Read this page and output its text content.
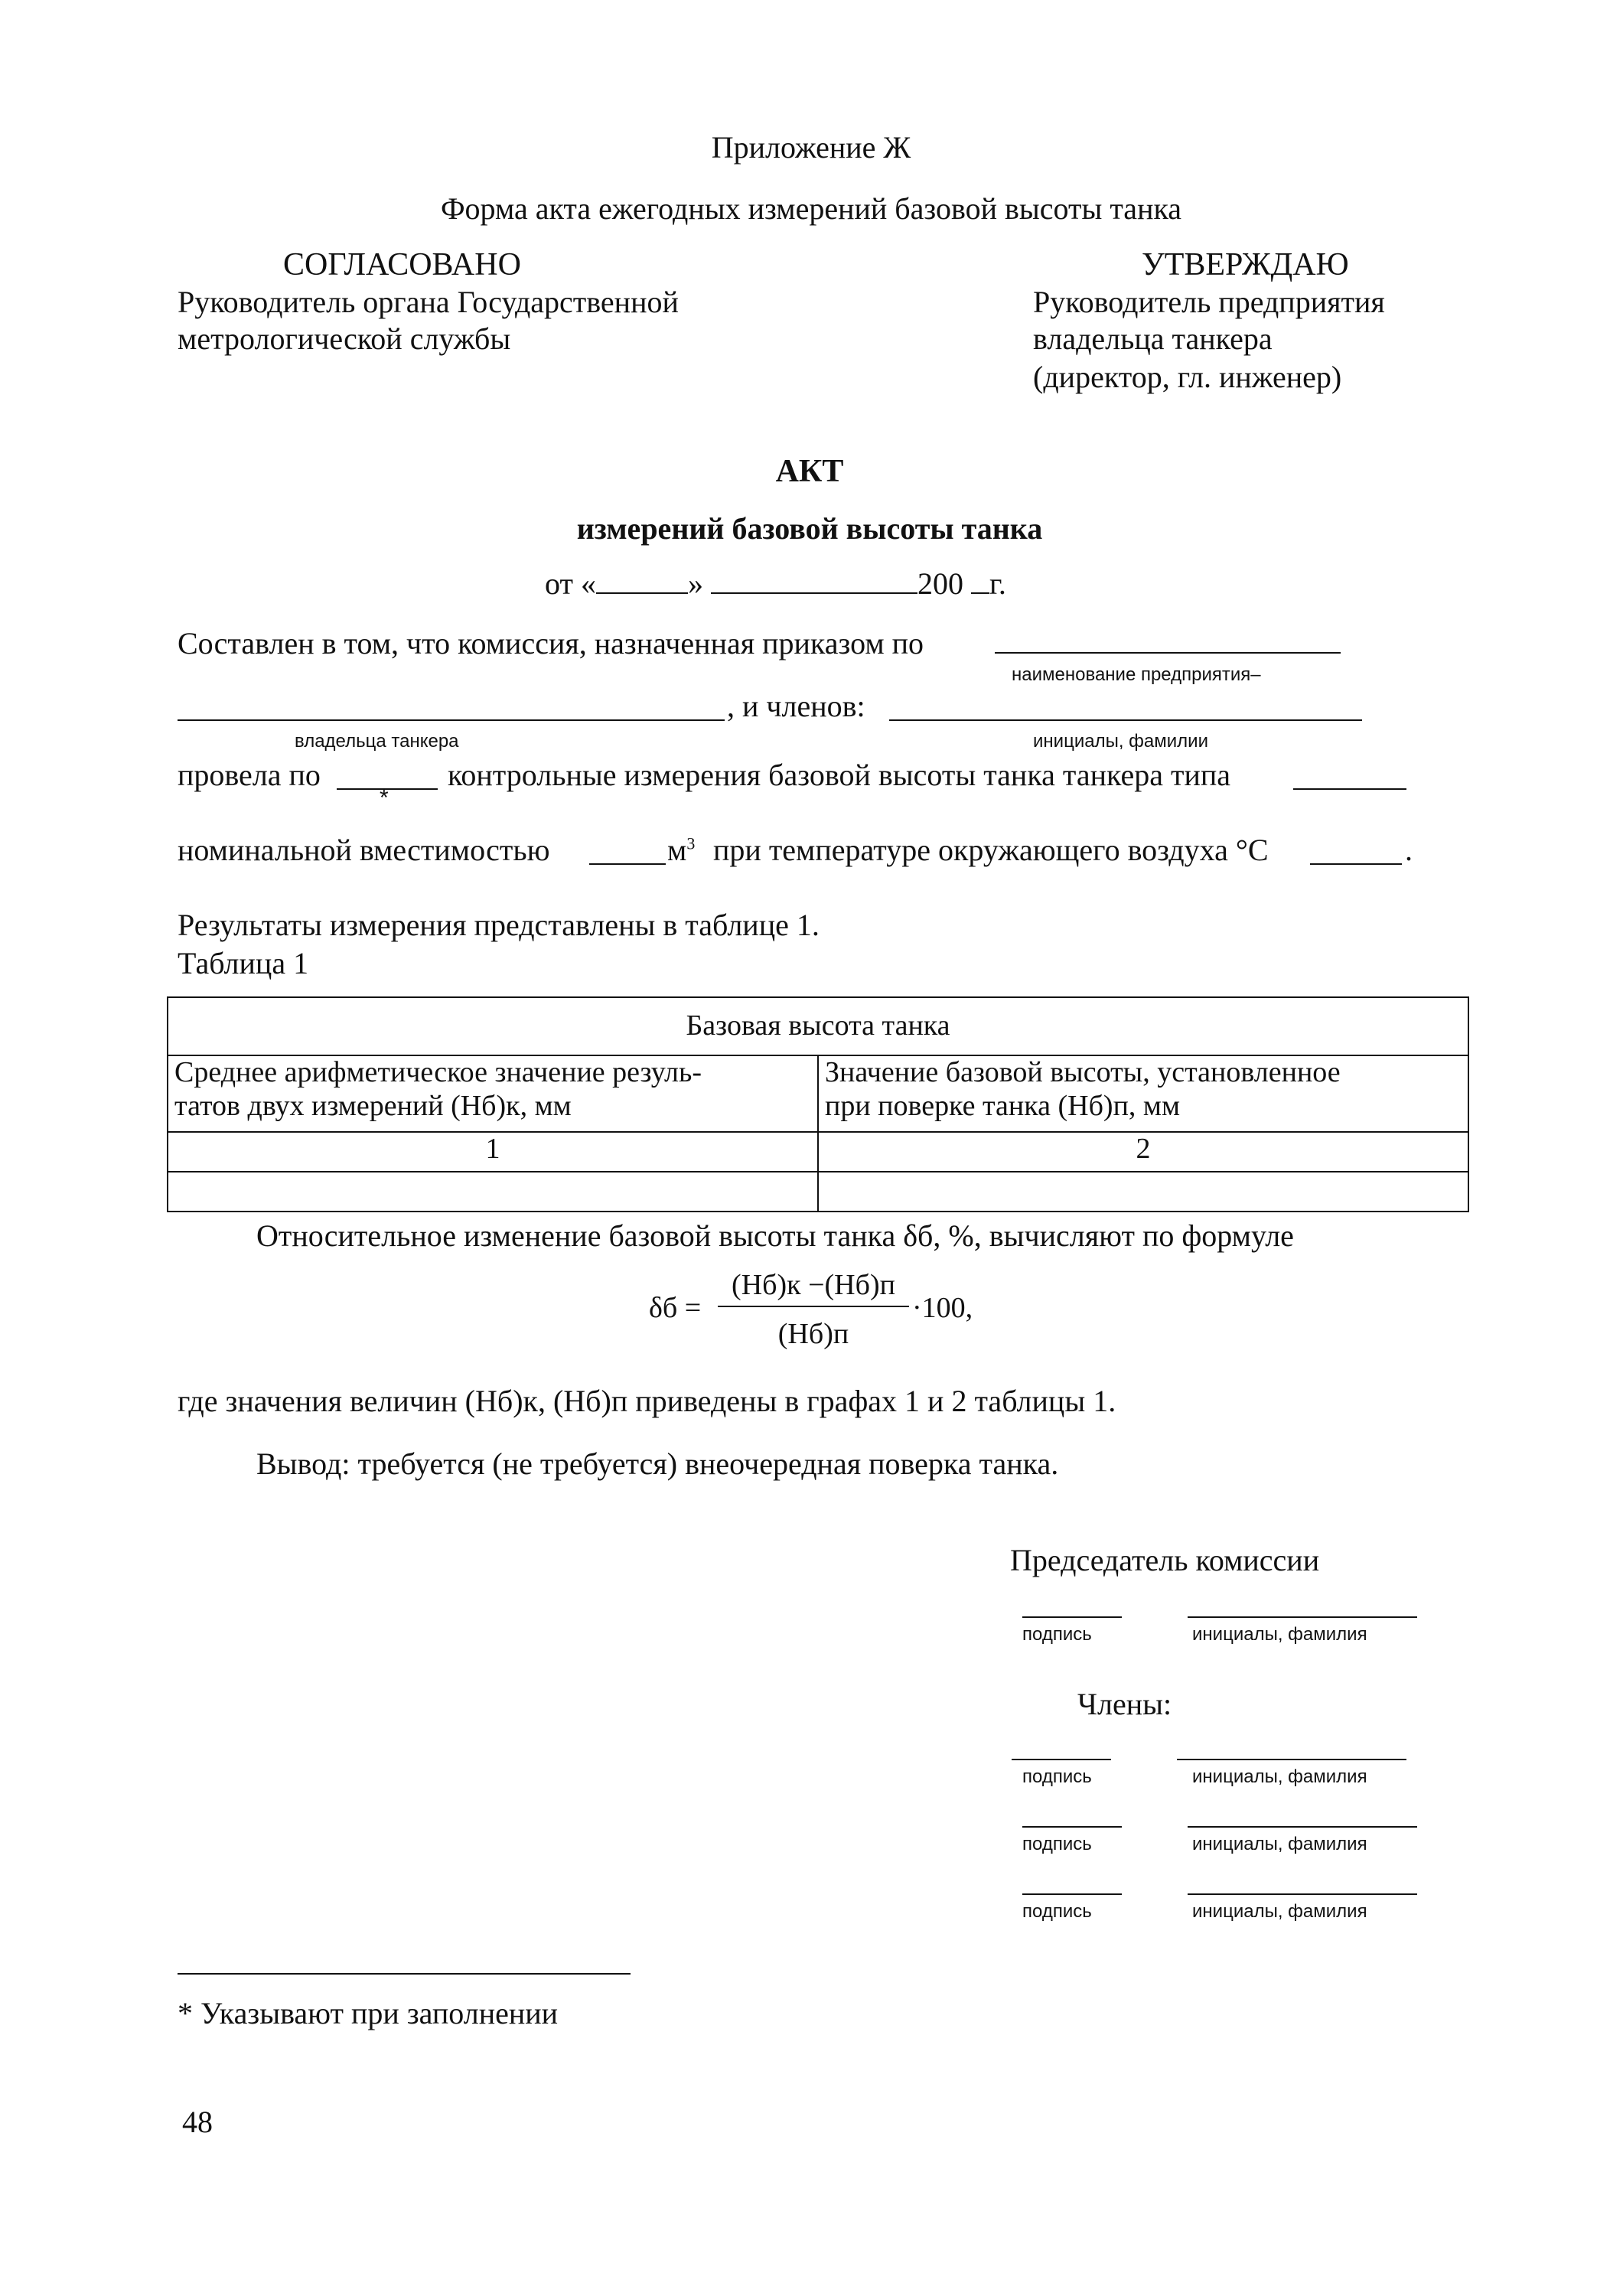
Приложение Ж
Форма акта ежегодных измерений базовой высоты танка
СОГЛАСОВАНО
Руководитель органа Государственной
метрологической службы
УТВЕРЖДАЮ
Руководитель предприятия
владельца танкера
(директор, гл. инженер)
АКТ
измерений базовой высоты танка
от «	»	200 г.
Составлен в том, что комиссия, назначенная приказом по
наименование предприятия–
, и членов:
владельца танкера	инициалы, фамилии
провела по
*
контрольные измерения базовой высоты танка танкера типа
номинальной вместимостью	$м^3$ при температуре окружающего воздуха °С	.
Результаты измерения представлены в таблице 1.
Таблица 1
Базовая высота танка

Среднее арифметическое значение резуль-
татов двух измерений (Нб)к, мм

Значение базовой высоты, установленное
при поверке танка (Нб)п, мм

1	2

Относительное изменение базовой высоты танка δб, %, вычисляют по формуле
δб =
(Нб)к −(Нб)п
(Нб)п
·100,
где значения величин (Нб)к, (Нб)п приведены в графах 1 и 2 таблицы 1.
Вывод: требуется (не требуется) внеочередная поверка танка.
Председатель комиссии
подпись	инициалы, фамилия
Члены:
подпись	инициалы, фамилия
подпись	инициалы, фамилия
подпись	инициалы, фамилия
* Указывают при заполнении
48
